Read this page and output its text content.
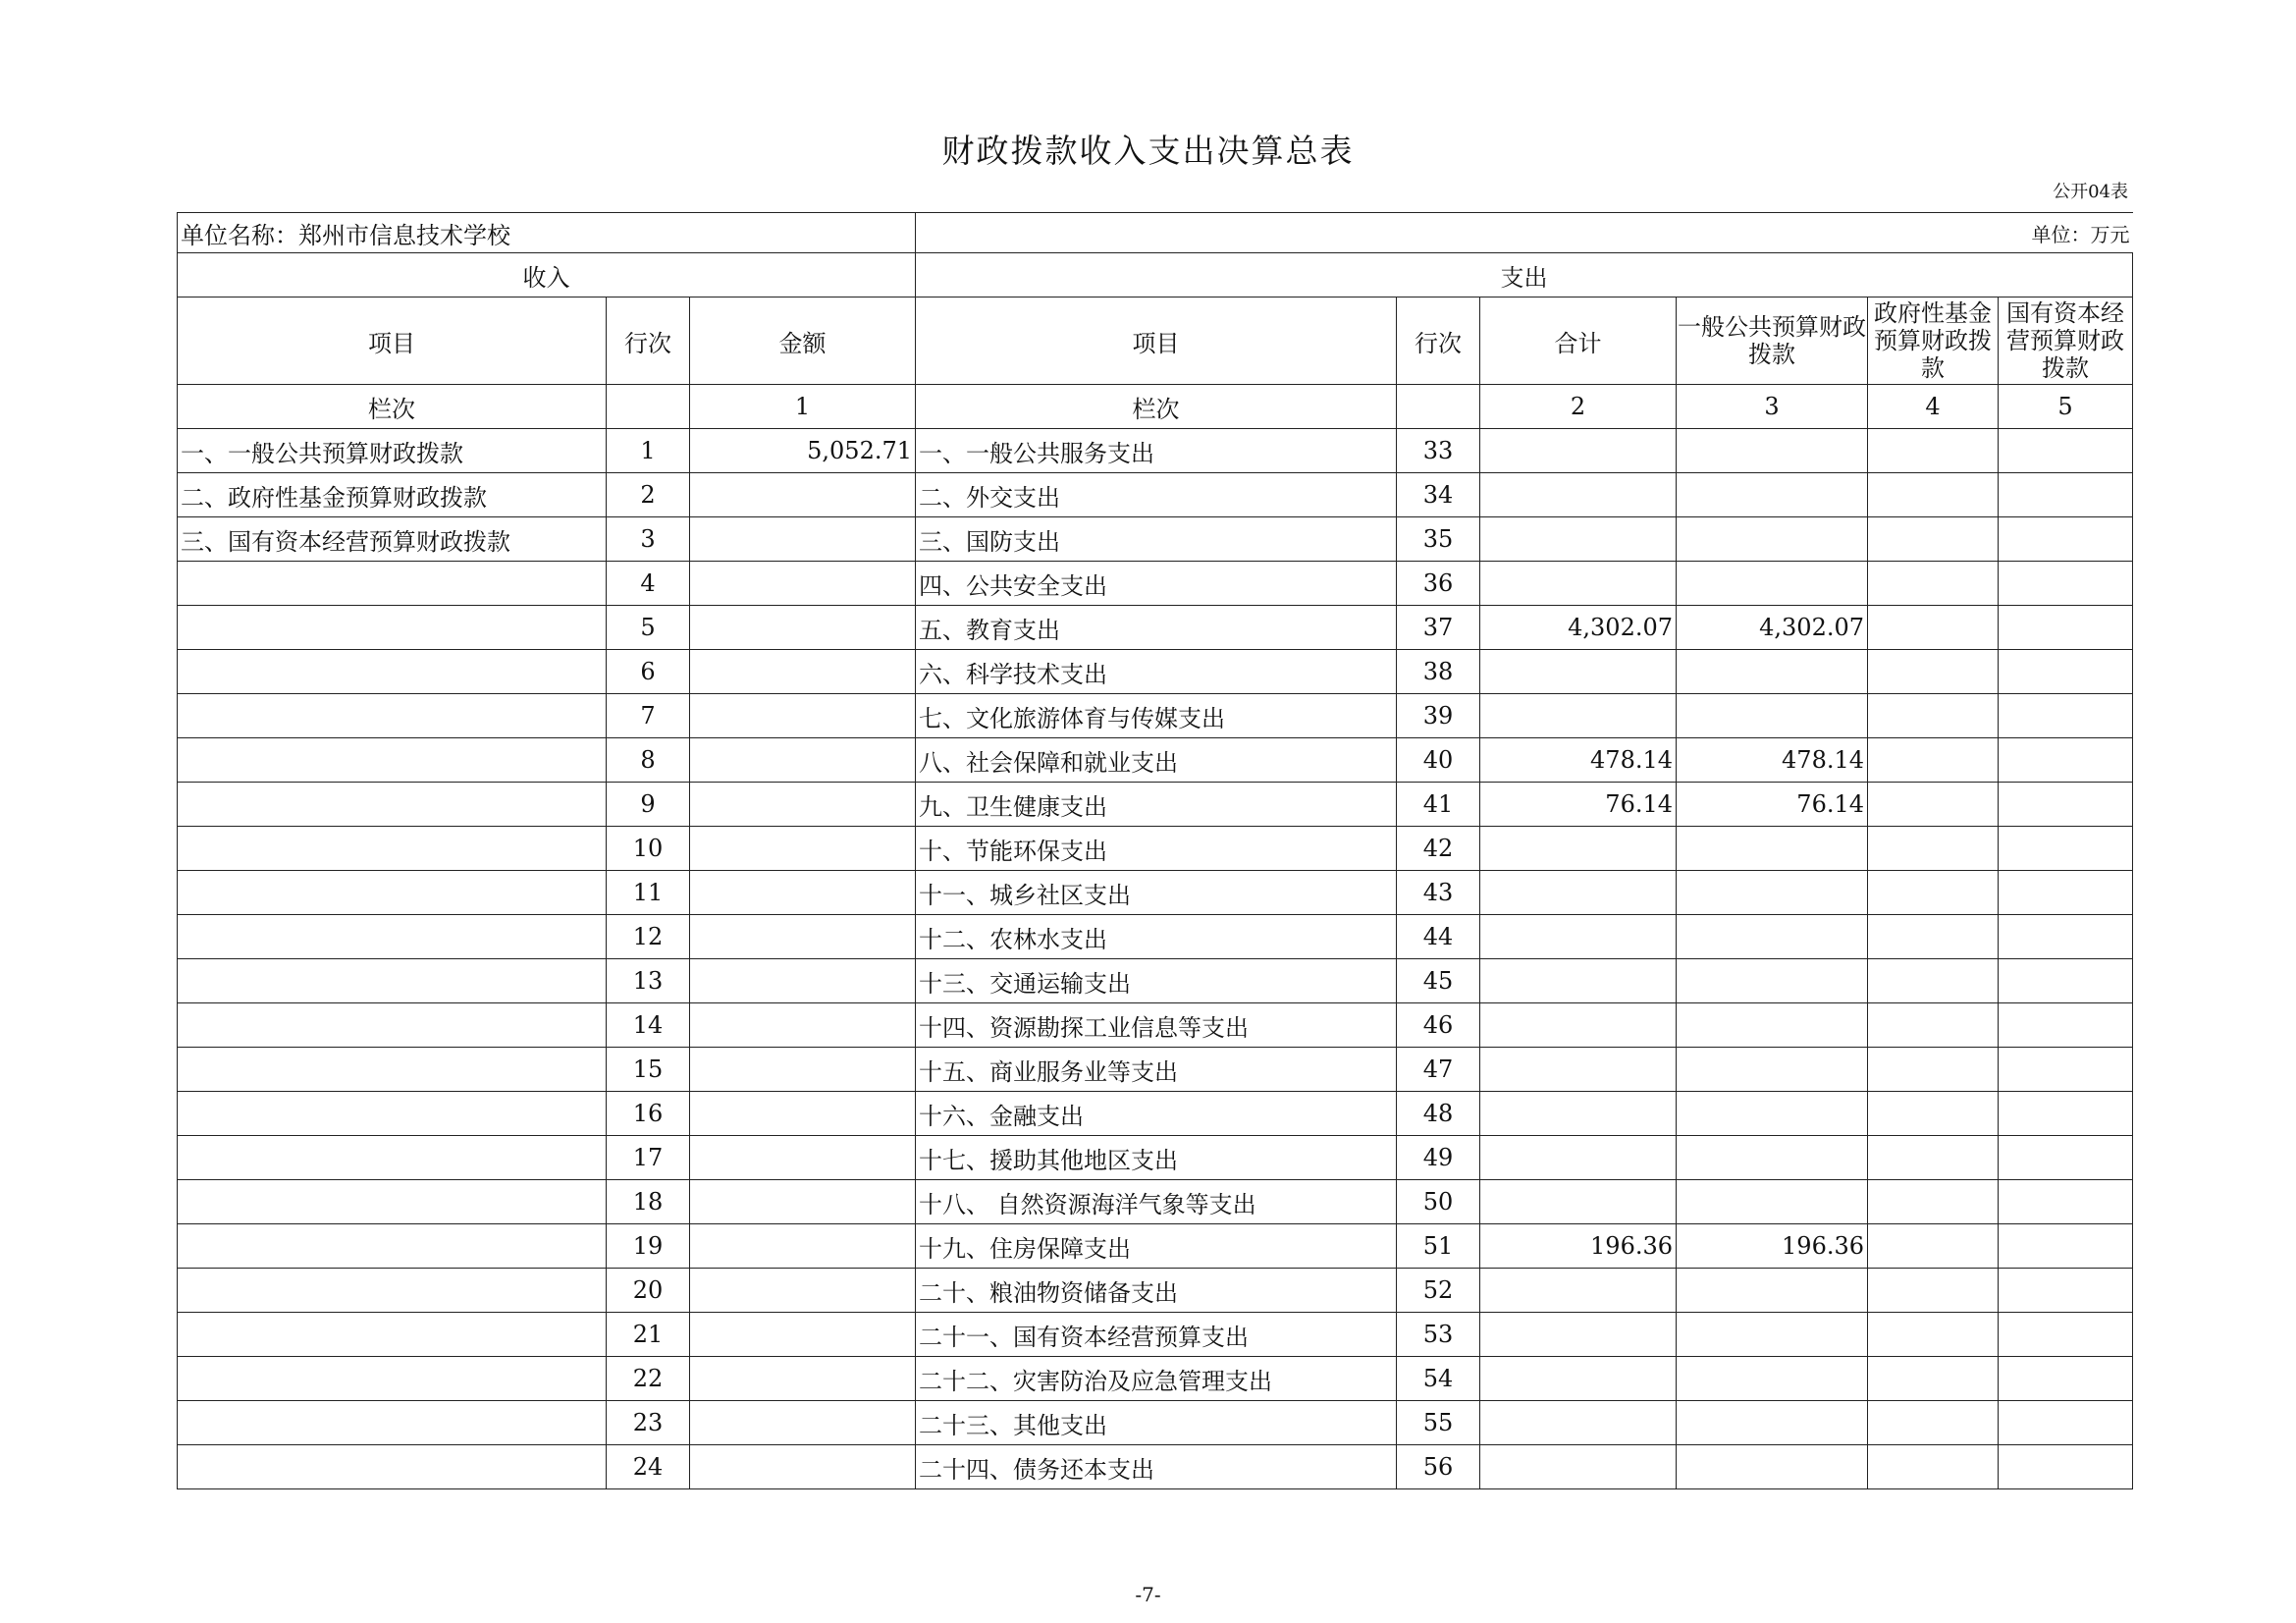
财政拨款收入支出决算总表
公开04表
单位名称：郑州市信息技术学校			单位：万元					
收入			支出					
项目	行次	金额	项目	行次	合计	一般公共预算财政拨款	政府性基金预算财政拨款	国有资本经营预算财政拨款
栏次		1	栏次		2	3	4	5
一、一般公共预算财政拨款	1	5,052.71	一、一般公共服务支出	33				
二、政府性基金预算财政拨款	2		二、外交支出	34				
三、国有资本经营预算财政拨款	3		三、国防支出	35				
	4		四、公共安全支出	36				
	5		五、教育支出	37	4,302.07	4,302.07		
	6		六、科学技术支出	38				
	7		七、文化旅游体育与传媒支出	39				
	8		八、社会保障和就业支出	40	478.14	478.14		
	9		九、卫生健康支出	41	76.14	76.14		
	10		十、节能环保支出	42				
	11		十一、城乡社区支出	43				
	12		十二、农林水支出	44				
	13		十三、交通运输支出	45				
	14		十四、资源勘探工业信息等支出	46				
	15		十五、商业服务业等支出	47				
	16		十六、金融支出	48				
	17		十七、援助其他地区支出	49				
	18		十八、 自然资源海洋气象等支出	50				
	19		十九、住房保障支出	51	196.36	196.36		
	20		二十、粮油物资储备支出	52				
	21		二十一、国有资本经营预算支出	53				
	22		二十二、灾害防治及应急管理支出	54				
	23		二十三、其他支出	55				
	24		二十四、债务还本支出	56				
-7-
